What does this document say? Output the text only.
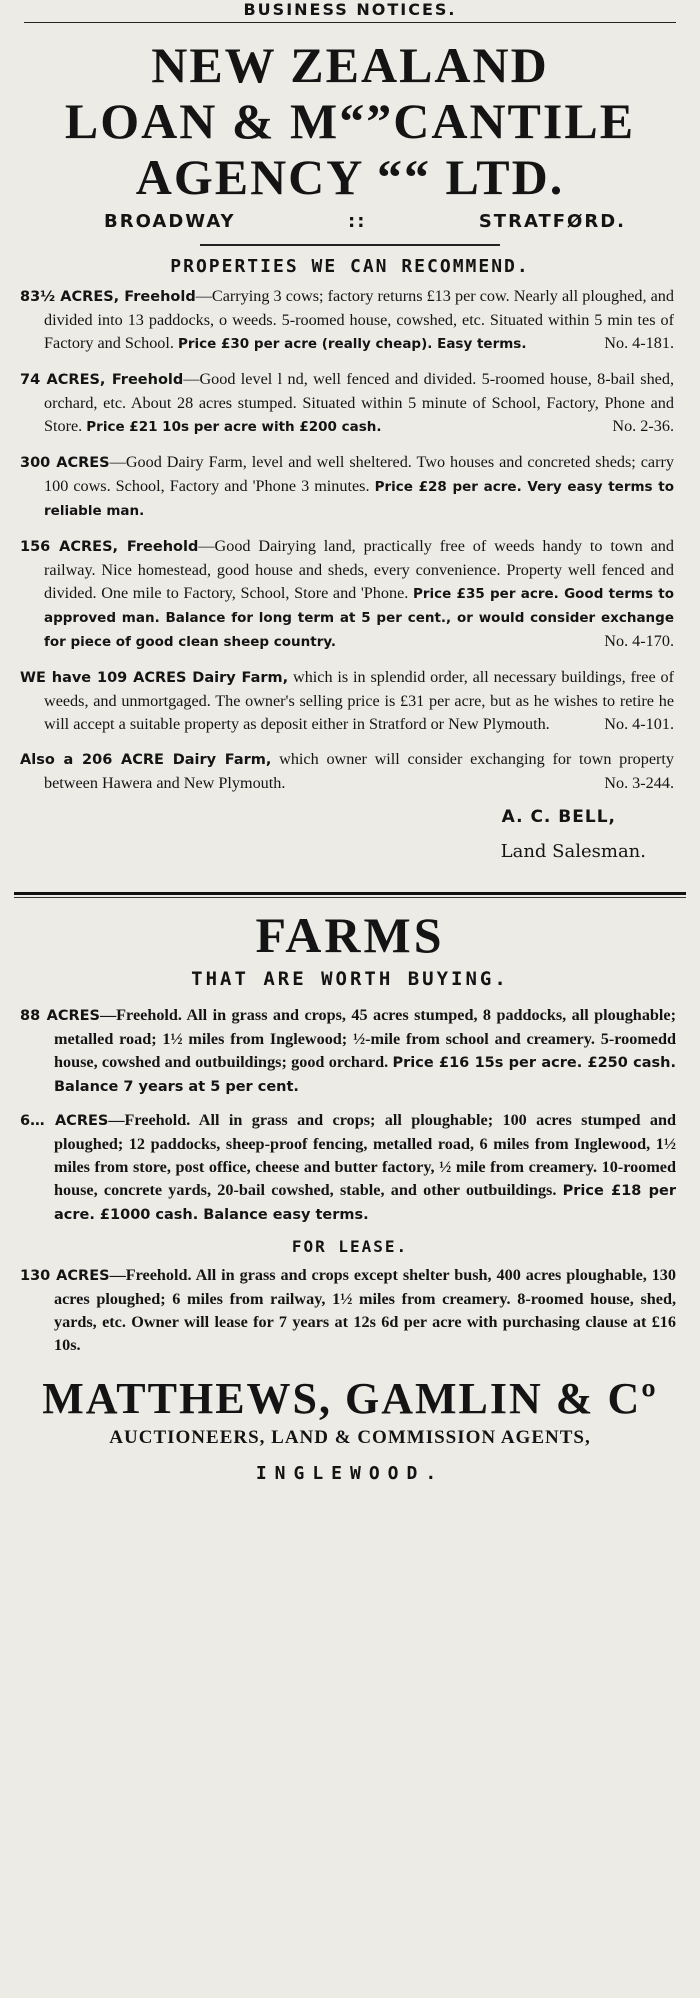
BUSINESS NOTICES.
NEW ZEALAND
LOAN & M“”CANTILE
AGENCY ““ LTD.
BROADWAY	::	STRATFØRD.
PROPERTIES WE CAN RECOMMEND.

83½ ACRES, Freehold—Carrying 3 cows; factory returns £13 per cow. Nearly all ploughed, and divided into 13 paddocks, o weeds. 5-roomed house, cowshed, etc. Situated within 5 min tes of Factory and School. Price £30 per acre (really cheap). Easy terms.	No. 4-181.

74 ACRES, Freehold—Good level l nd, well fenced and divided. 5-roomed house, 8-bail shed, orchard, etc. About 28 acres stumped. Situated within 5 minute of School, Factory, Phone and Store. Price £21 10s per acre with £200 cash.	No. 2-36.

300 ACRES—Good Dairy Farm, level and well sheltered. Two houses and concreted sheds; carry 100 cows. School, Factory and 'Phone 3 minutes. Price £28 per acre. Very easy terms to reliable man.

156 ACRES, Freehold—Good Dairying land, practically free of weeds handy to town and railway. Nice homestead, good house and sheds, every convenience. Property well fenced and divided. One mile to Factory, School, Store and 'Phone. Price £35 per acre. Good terms to approved man. Balance for long term at 5 per cent., or would consider exchange for piece of good clean sheep country.	No. 4-170.

WE have 109 ACRES Dairy Farm, which is in splendid order, all necessary buildings, free of weeds, and unmortgaged. The owner's selling price is £31 per acre, but as he wishes to retire he will accept a suitable property as deposit either in Stratford or New Plymouth.	No. 4-101.

Also a 206 ACRE Dairy Farm, which owner will consider exchanging for town property between Hawera and New Plymouth.	No. 3-244.

A. C. BELL,
Land Salesman.
FARMS
THAT ARE WORTH BUYING.

88 ACRES—Freehold. All in grass and crops, 45 acres stumped, 8 paddocks, all ploughable; metalled road; 1½ miles from Inglewood; ½-mile from school and creamery. 5-roomedd house, cowshed and outbuildings; good orchard. Price £16 15s per acre. £250 cash. Balance 7 years at 5 per cent.

6… ACRES—Freehold. All in grass and crops; all ploughable; 100 acres stumped and ploughed; 12 paddocks, sheep-proof fencing, metalled road, 6 miles from Inglewood, 1½ miles from store, post office, cheese and butter factory, ½ mile from creamery. 10-roomed house, concrete yards, 20-bail cowshed, stable, and other outbuildings. Price £18 per acre. £1000 cash. Balance easy terms.

FOR LEASE.

130 ACRES—Freehold. All in grass and crops except shelter bush, 400 acres ploughable, 130 acres ploughed; 6 miles from railway, 1½ miles from creamery. 8-roomed house, shed, yards, etc. Owner will lease for 7 years at 12s 6d per acre with purchasing clause at £16 10s.

MATTHEWS, GAMLIN & Cº
AUCTIONEERS, LAND & COMMISSION AGENTS,
INGLEWOOD.
